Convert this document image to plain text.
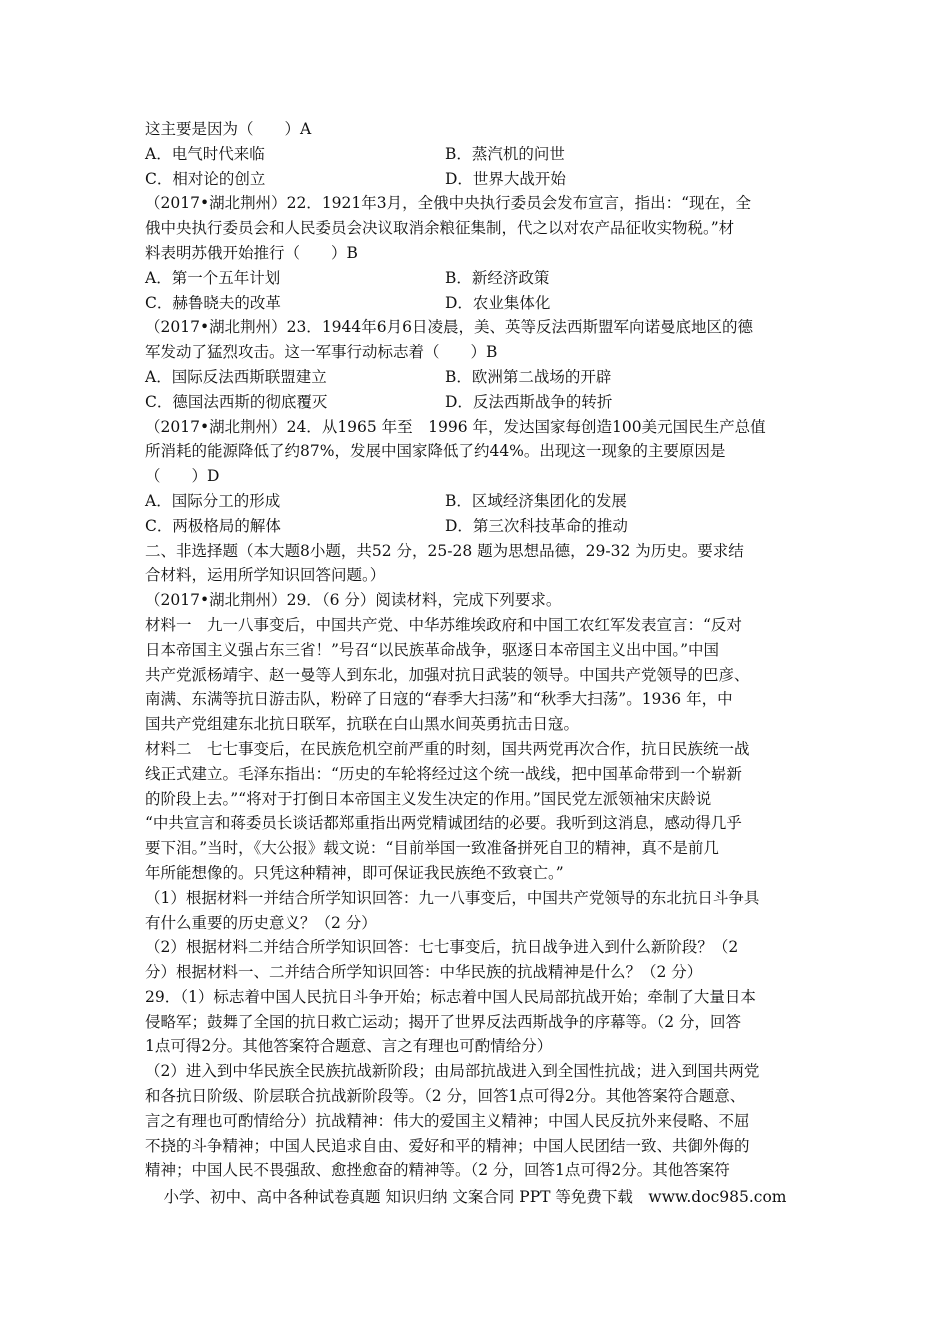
这主要是因为（　　）A
A．电气时代来临	B．蒸汽机的问世
C．相对论的创立	D．世界大战开始
（2017•湖北荆州）22．1921年3月，全俄中央执行委员会发布宣言，指出：“现在，全
俄中央执行委员会和人民委员会决议取消余粮征集制，代之以对农产品征收实物税。”材
料表明苏俄开始推行（　　）B
A．第一个五年计划	B．新经济政策
C．赫鲁晓夫的改革	D．农业集体化
（2017•湖北荆州）23．1944年6月6日凌晨，美、英等反法西斯盟军向诺曼底地区的德
军发动了猛烈攻击。这一军事行动标志着（　　）B
A．国际反法西斯联盟建立	B．欧洲第二战场的开辟
C．德国法西斯的彻底覆灭	D．反法西斯战争的转折
（2017•湖北荆州）24．从1965 年至　1996 年，发达国家每创造100美元国民生产总值
所消耗的能源降低了约87%，发展中国家降低了约44%。出现这一现象的主要原因是
（　　）D
A．国际分工的形成	B．区域经济集团化的发展
C．两极格局的解体	D．第三次科技革命的推动
二、非选择题（本大题8小题，共52 分，25-28 题为思想品德，29-32 为历史。要求结
合材料，运用所学知识回答问题。）
（2017•湖北荆州）29．（6 分）阅读材料，完成下列要求。
材料一　九一八事变后，中国共产党、中华苏维埃政府和中国工农红军发表宣言：“反对
日本帝国主义强占东三省！”号召“以民族革命战争，驱逐日本帝国主义出中国。”中国
共产党派杨靖宇、赵一曼等人到东北，加强对抗日武装的领导。中国共产党领导的巴彦、
南满、东满等抗日游击队，粉碎了日寇的“春季大扫荡”和“秋季大扫荡”。1936 年，中
国共产党组建东北抗日联军，抗联在白山黑水间英勇抗击日寇。
材料二　七七事变后，在民族危机空前严重的时刻，国共两党再次合作，抗日民族统一战
线正式建立。毛泽东指出：“历史的车轮将经过这个统一战线，把中国革命带到一个崭新
的阶段上去。”“将对于打倒日本帝国主义发生决定的作用。”国民党左派领袖宋庆龄说
“中共宣言和蒋委员长谈话都郑重指出两党精诚团结的必要。我听到这消息，感动得几乎
要下泪。”当时，《大公报》载文说：“目前举国一致准备拼死自卫的精神，真不是前几
年所能想像的。只凭这种精神，即可保证我民族绝不致衰亡。”
（1）根据材料一并结合所学知识回答：九一八事变后，中国共产党领导的东北抗日斗争具
有什么重要的历史意义？（2 分）
（2）根据材料二并结合所学知识回答：七七事变后，抗日战争进入到什么新阶段？（2
分）根据材料一、二并结合所学知识回答：中华民族的抗战精神是什么？（2 分）
29．（1）标志着中国人民抗日斗争开始；标志着中国人民局部抗战开始；牵制了大量日本
侵略军；鼓舞了全国的抗日救亡运动；揭开了世界反法西斯战争的序幕等。（2 分，回答
1点可得2分。其他答案符合题意、言之有理也可酌情给分）
（2）进入到中华民族全民族抗战新阶段；由局部抗战进入到全国性抗战；进入到国共两党
和各抗日阶级、阶层联合抗战新阶段等。（2 分，回答1点可得2分。其他答案符合题意、
言之有理也可酌情给分）抗战精神：伟大的爱国主义精神；中国人民反抗外来侵略、不屈
不挠的斗争精神；中国人民追求自由、爱好和平的精神；中国人民团结一致、共御外侮的
精神；中国人民不畏强敌、愈挫愈奋的精神等。（2 分，回答1点可得2分。其他答案符
小学、初中、高中各种试卷真题 知识归纳 文案合同 PPT 等免费下载　www.doc985.com
